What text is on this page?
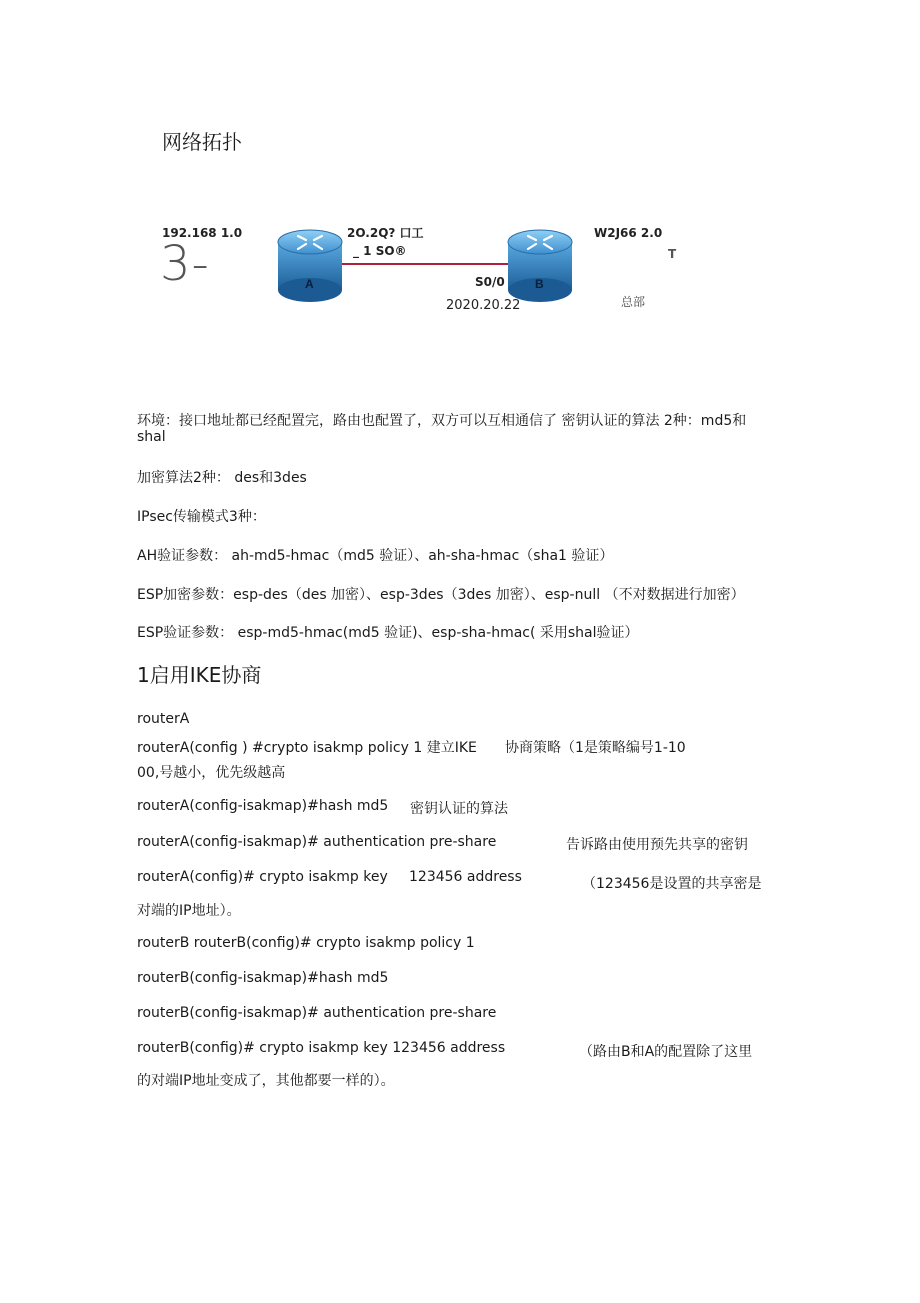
网络拓扑
192.168 1.0
3-
2O.2Q? 口工
_ 1 SO®
W2J66 2.0
T
S0/0
2020.20.22	总部
A	B
环境：接口地址都已经配置完，路由也配置了，双方可以互相通信了 密钥认证的算法 2种：md5和
shal
加密算法2种： des和3des
IPsec传输模式3种：
AH验证参数： ah-md5-hmac（md5 验证）、ah-sha-hmac（sha1 验证）
ESP加密参数：esp-des（des 加密）、esp-3des（3des 加密）、esp-null （不对数据进行加密）
ESP验证参数： esp-md5-hmac(md5 验证)、esp-sha-hmac( 采用shal验证）
1启用IKE协商
routerA
routerA(config ) #crypto isakmp policy 1 建立IKE 协商策略（1是策略编号1-10
00,号越小，优先级越高
routerA(config-isakmap)#hash md5 密钥认证的算法
routerA(config-isakmap)# authentication pre-share	告诉路由使用预先共享的密钥
routerA(config)# crypto isakmp key 123456 address	（123456是设置的共享密是
对端的IP地址）。
routerB routerB(config)# crypto isakmp policy 1
routerB(config-isakmap)#hash md5
routerB(config-isakmap)# authentication pre-share
routerB(config)# crypto isakmp key 123456 address	（路由B和A的配置除了这里
的对端IP地址变成了，其他都要一样的）。
